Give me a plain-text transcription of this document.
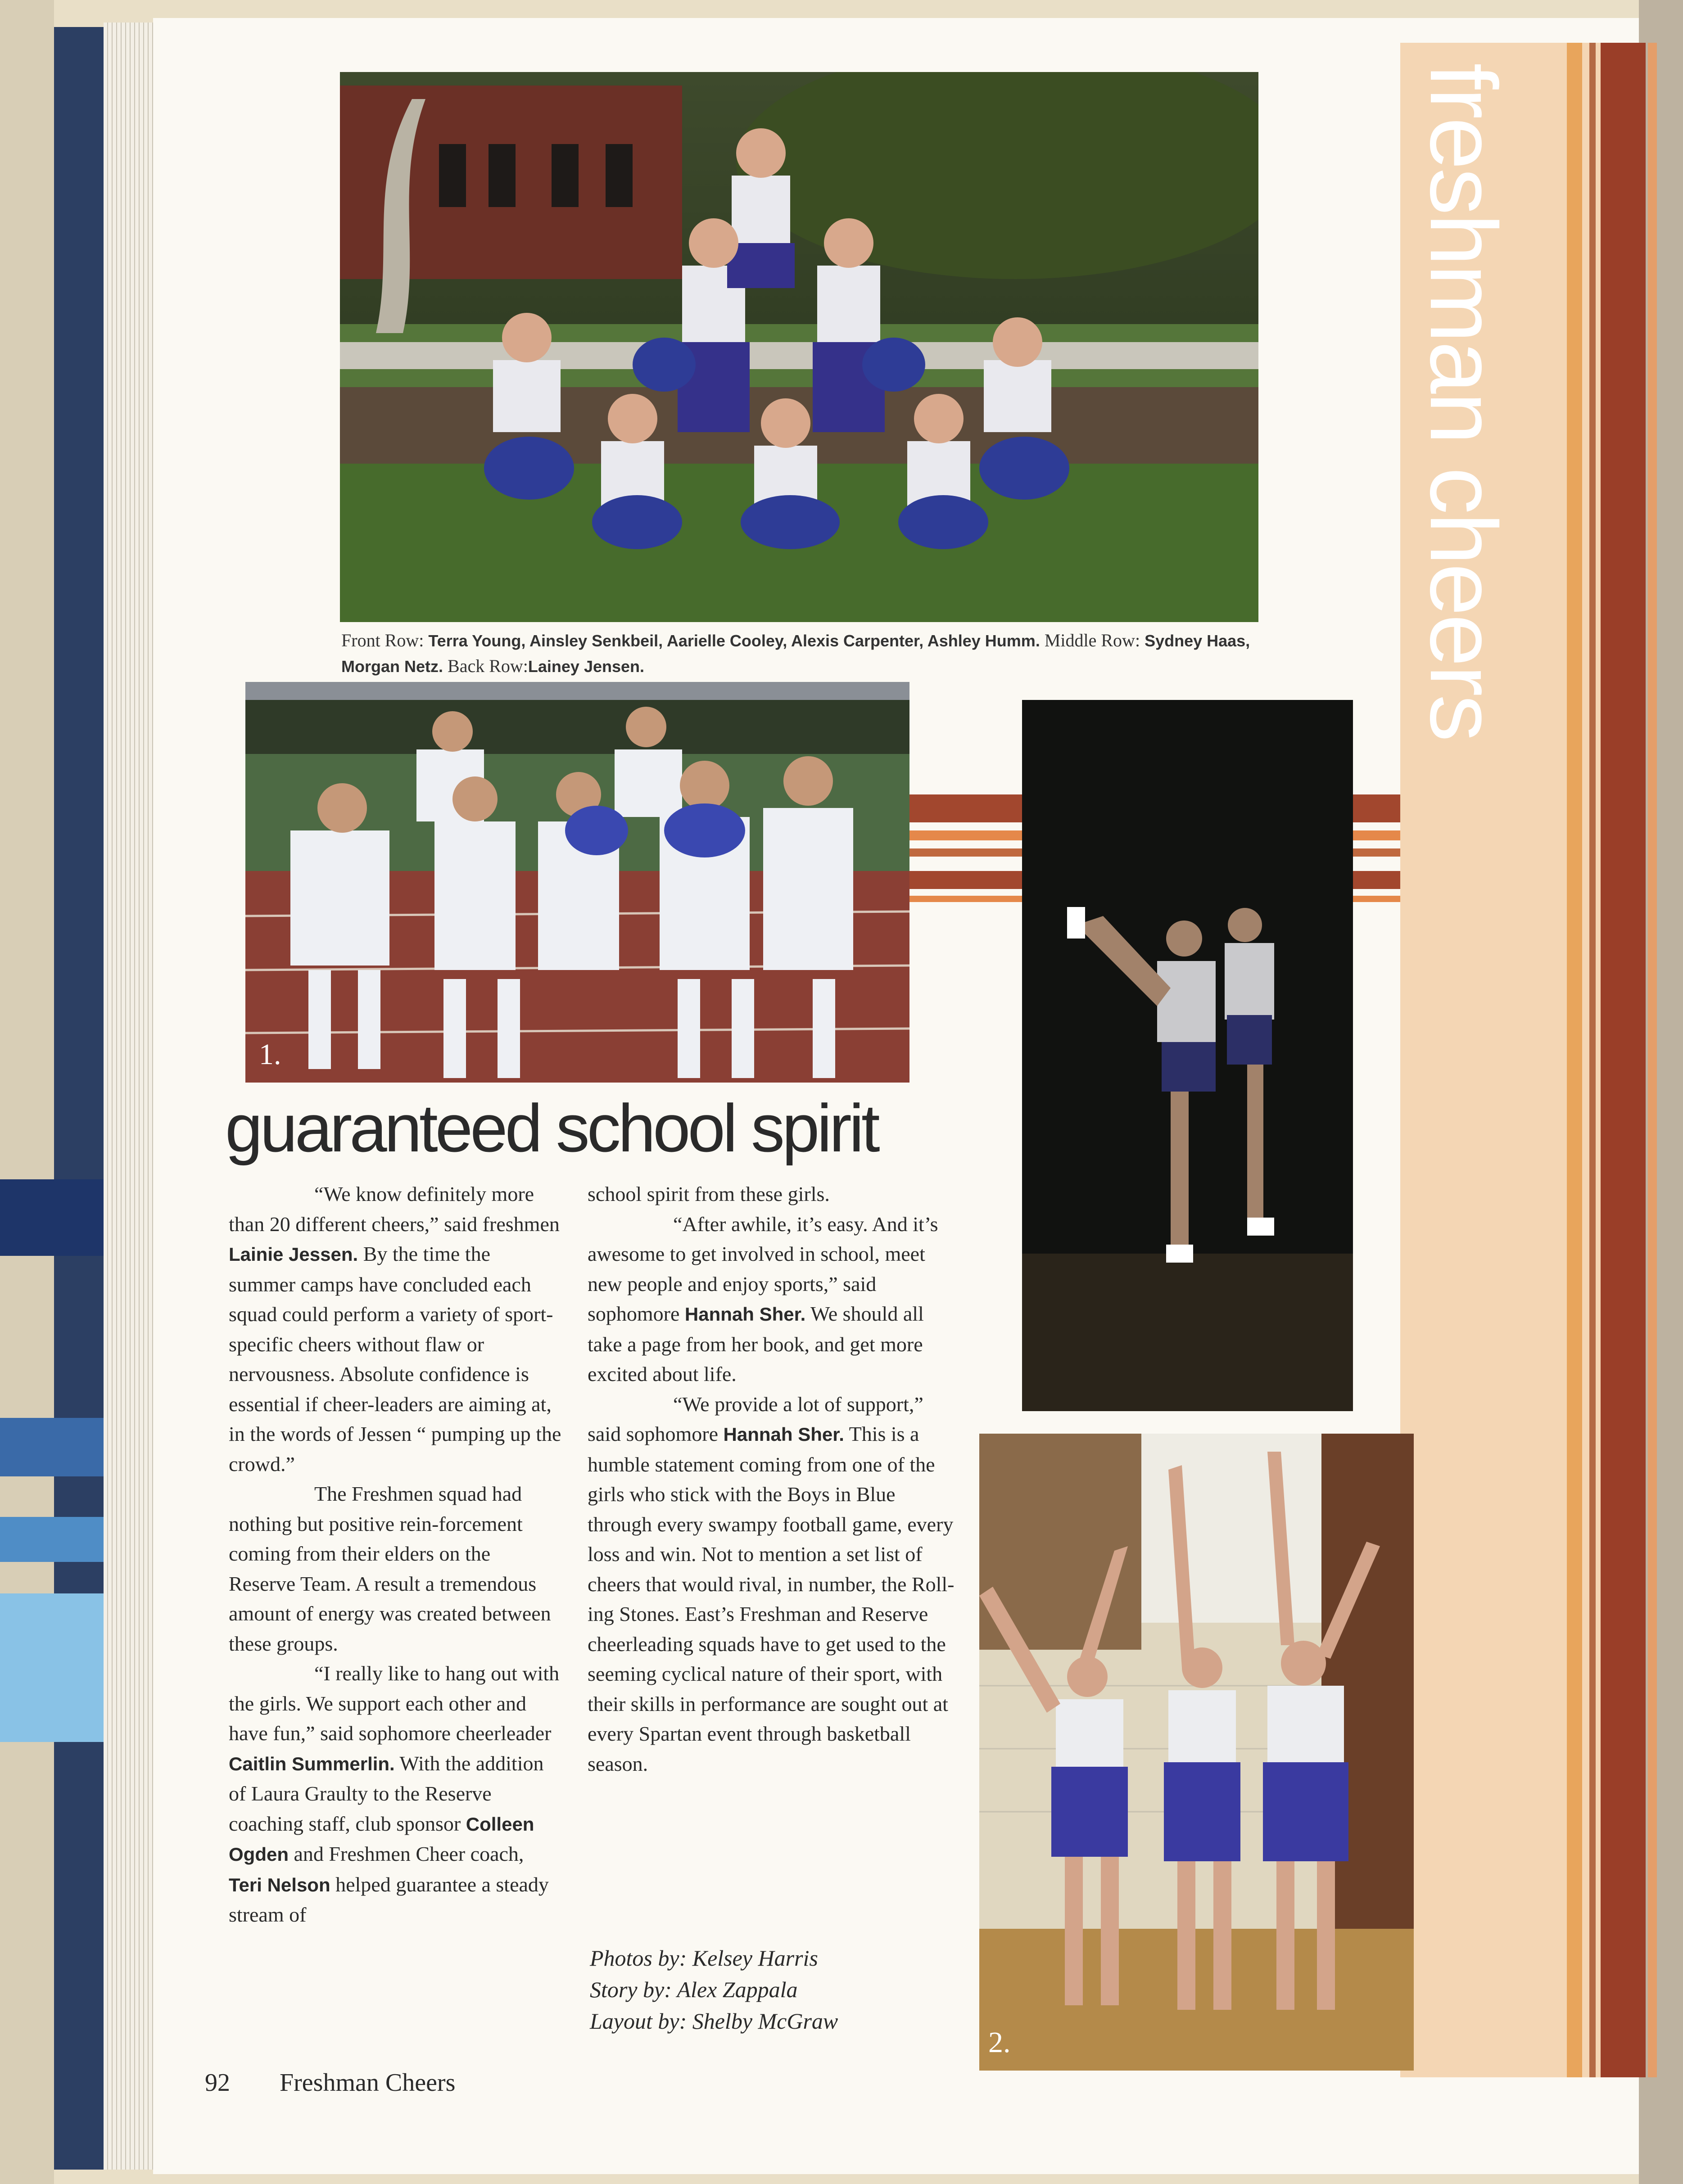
freshman cheers
Front Row: Terra Young, Ainsley Senkbeil, Aarielle Cooley, Alexis Carpenter, Ashley Humm. Middle Row: Sydney Haas, Morgan Netz. Back Row:Lainey Jensen.
1.
2.
guaranteed school spirit

“We know definitely more than 20 different cheers,” said freshmen Lainie Jessen. By the time the summer camps have concluded each squad could perform a variety of sport-specific cheers without flaw or nervousness. Absolute confidence is essential if cheer-leaders are aiming at, in the words of Jessen “ pumping up the crowd.”

The Freshmen squad had nothing but positive rein-forcement coming from their elders on the Reserve Team. A result a tremendous amount of energy was created between these groups.

“I really like to hang out with the girls. We support each other and have fun,” said sophomore cheerleader Caitlin Summerlin. With the addition of Laura Graulty to the Reserve coaching staff, club sponsor Colleen Ogden and Freshmen Cheer coach, Teri Nelson helped guarantee a steady stream of

school spirit from these girls.

“After awhile, it’s easy. And it’s awesome to get involved in school, meet new people and enjoy sports,” said sophomore Hannah Sher. We should all take a page from her book, and get more excited about life.

“We provide a lot of support,” said sophomore Hannah Sher. This is a humble statement coming from one of the girls who stick with the Boys in Blue through every swampy football game, every loss and win. Not to mention a set list of cheers that would rival, in number, the Roll-ing Stones. East’s Freshman and Reserve cheerleading squads have to get used to the seeming cyclical nature of their sport, with their skills in performance are sought out at every Spartan event through basketball season.

Photos by: Kelsey Harris
Story by: Alex Zappala
Layout by: Shelby McGraw
92 Freshman Cheers
